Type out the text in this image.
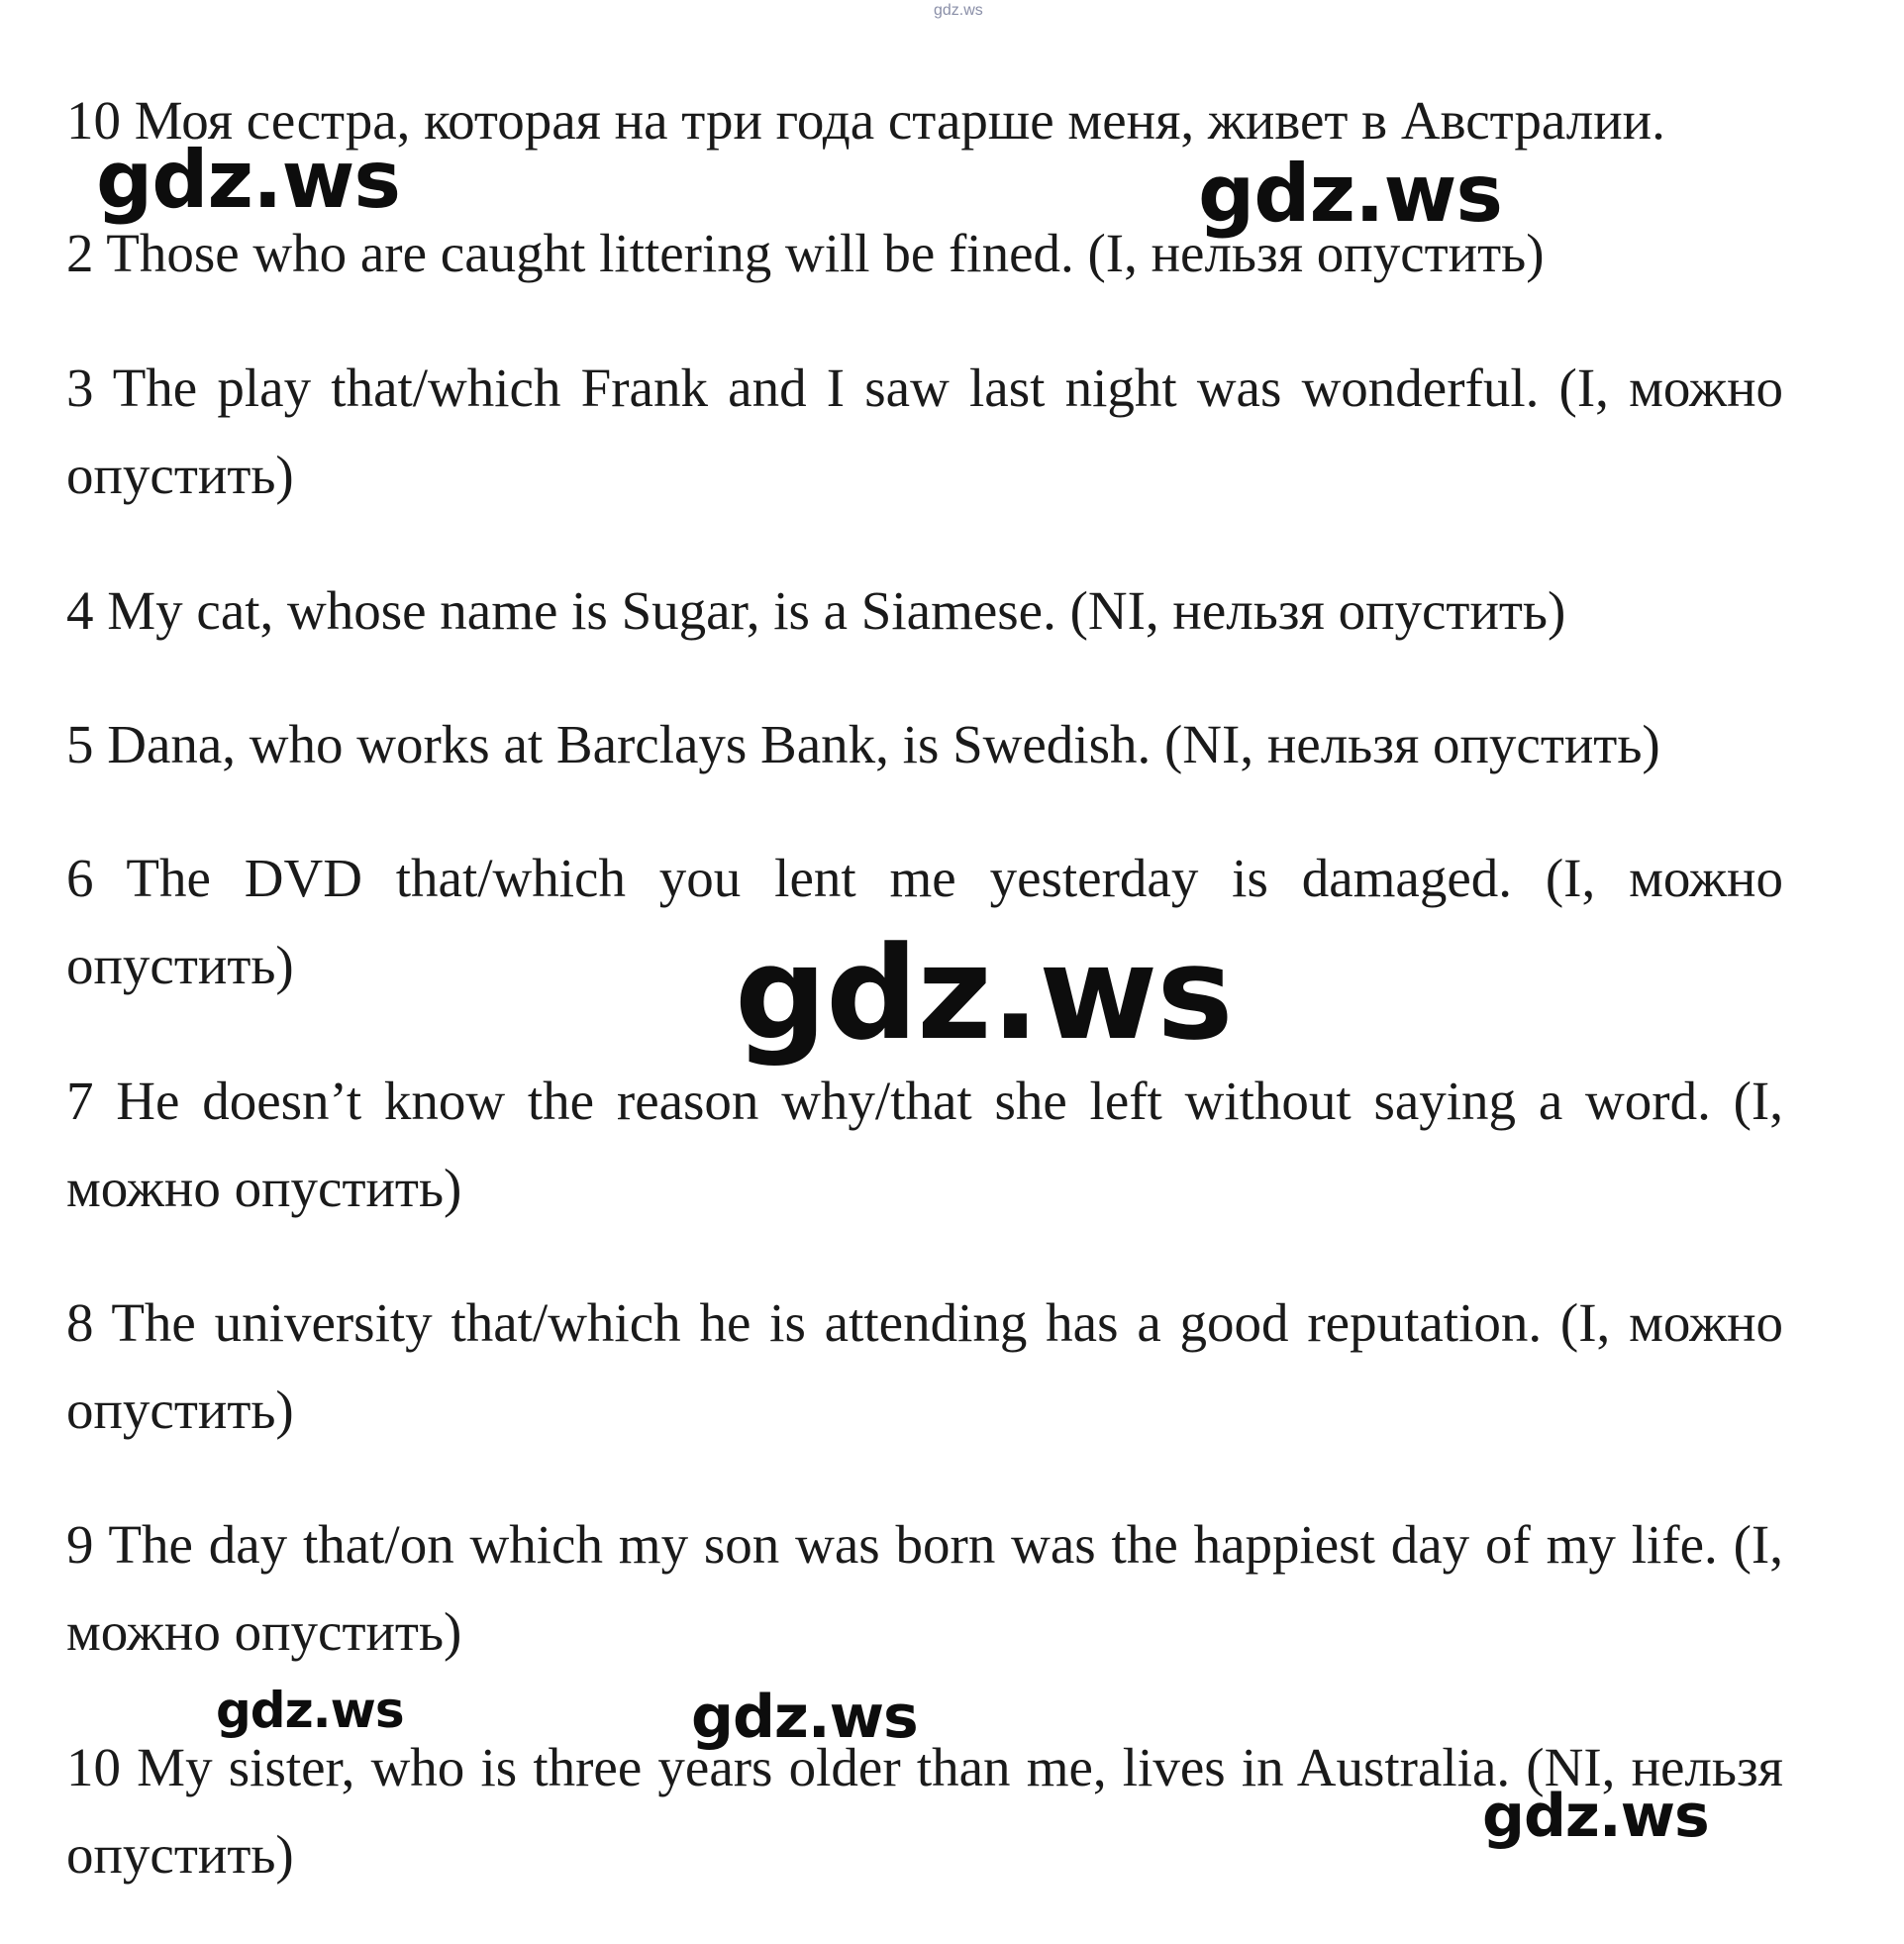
gdz.ws

10 Моя сестра, которая на три года старше меня, живет в Австралии.

2 Those who are caught littering will be fined. (I, нельзя опустить)

3 The play that/which Frank and I saw last night was wonderful. (I, можно опустить)

4 My cat, whose name is Sugar, is a Siamese. (NI, нельзя опустить)

5 Dana, who works at Barclays Bank, is Swedish. (NI, нельзя опустить)

6 The DVD that/which you lent me yesterday is damaged. (I, можно опустить)

7 He doesn’t know the reason why/that she left without saying a word. (I, можно опустить)

8 The university that/which he is attending has a good reputation. (I, можно опустить)

9 The day that/on which my son was born was the happiest day of my life. (I, можно опустить)

10 My sister, who is three years older than me, lives in Australia. (NI, нельзя опустить)

gdz.ws	gdz.ws
gdz.ws
gdz.ws	gdz.ws
gdz.ws
